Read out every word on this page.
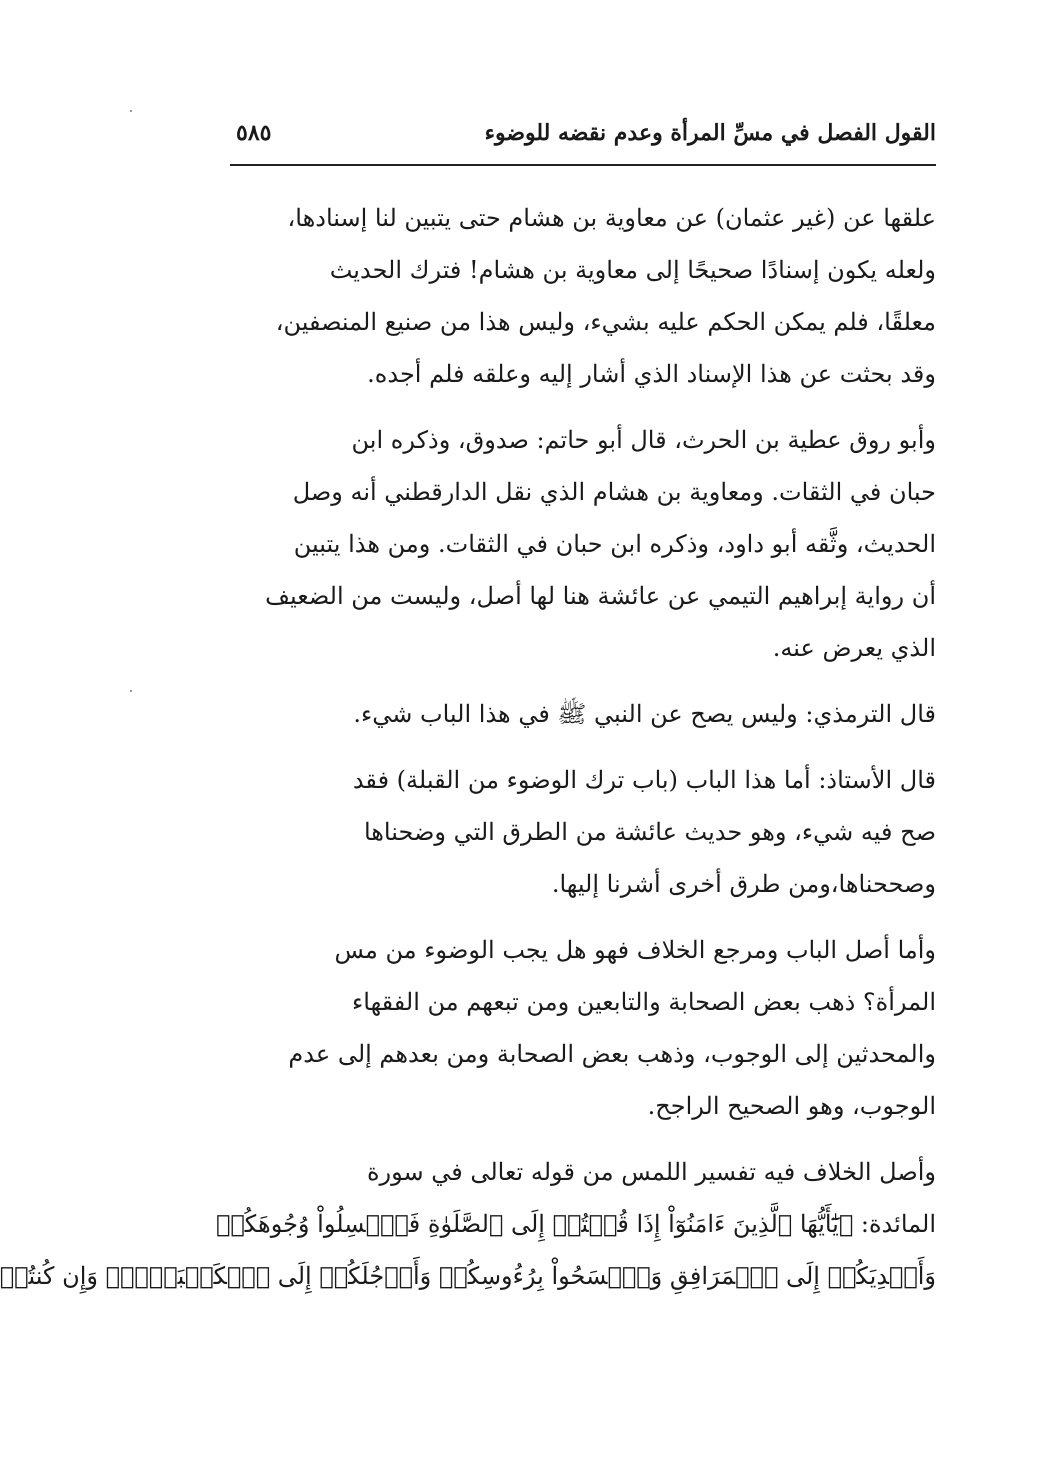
القول الفصل في مسِّ المرأة وعدم نقضه للوضوء
٥٨٥
علقها عن (غير عثمان) عن معاوية بن هشام حتى يتبين لنا إسنادها،
ولعله يكون إسنادًا صحيحًا إلى معاوية بن هشام! فترك الحديث
معلقًا، فلم يمكن الحكم عليه بشيء، وليس هذا من صنيع المنصفين،
وقد بحثت عن هذا الإسناد الذي أشار إليه وعلقه فلم أجده.
وأبو روق عطية بن الحرث، قال أبو حاتم: صدوق، وذكره ابن
حبان في الثقات. ومعاوية بن هشام الذي نقل الدارقطني أنه وصل
الحديث، وثَّقه أبو داود، وذكره ابن حبان في الثقات. ومن هذا يتبين
أن رواية إبراهيم التيمي عن عائشة هنا لها أصل، وليست من الضعيف
الذي يعرض عنه.
قال الترمذي: وليس يصح عن النبي ﷺ في هذا الباب شيء.
قال الأستاذ: أما هذا الباب (باب ترك الوضوء من القبلة) فقد
صح فيه شيء، وهو حديث عائشة من الطرق التي وضحناها
وصححناها،ومن طرق أخرى أشرنا إليها.
وأما أصل الباب ومرجع الخلاف فهو هل يجب الوضوء من مس
المرأة؟ ذهب بعض الصحابة والتابعين ومن تبعهم من الفقهاء
والمحدثين إلى الوجوب، وذهب بعض الصحابة ومن بعدهم إلى عدم
الوجوب، وهو الصحيح الراجح.
وأصل الخلاف فيه تفسير اللمس من قوله تعالى في سورة
المائدة: ﴿يَٰٓأَيُّهَا ٱلَّذِينَ ءَامَنُوٓاْ إِذَا قُمۡتُمۡ إِلَى ٱلصَّلَوٰةِ فَٱغۡسِلُواْ وُجُوهَكُمۡ
وَأَيۡدِيَكُمۡ إِلَى ٱلۡمَرَافِقِ وَٱمۡسَحُواْ بِرُءُوسِكُمۡ وَأَرۡجُلَكُمۡ إِلَى ٱلۡكَعۡبَيۡنِۚ وَإِن كُنتُمۡ
